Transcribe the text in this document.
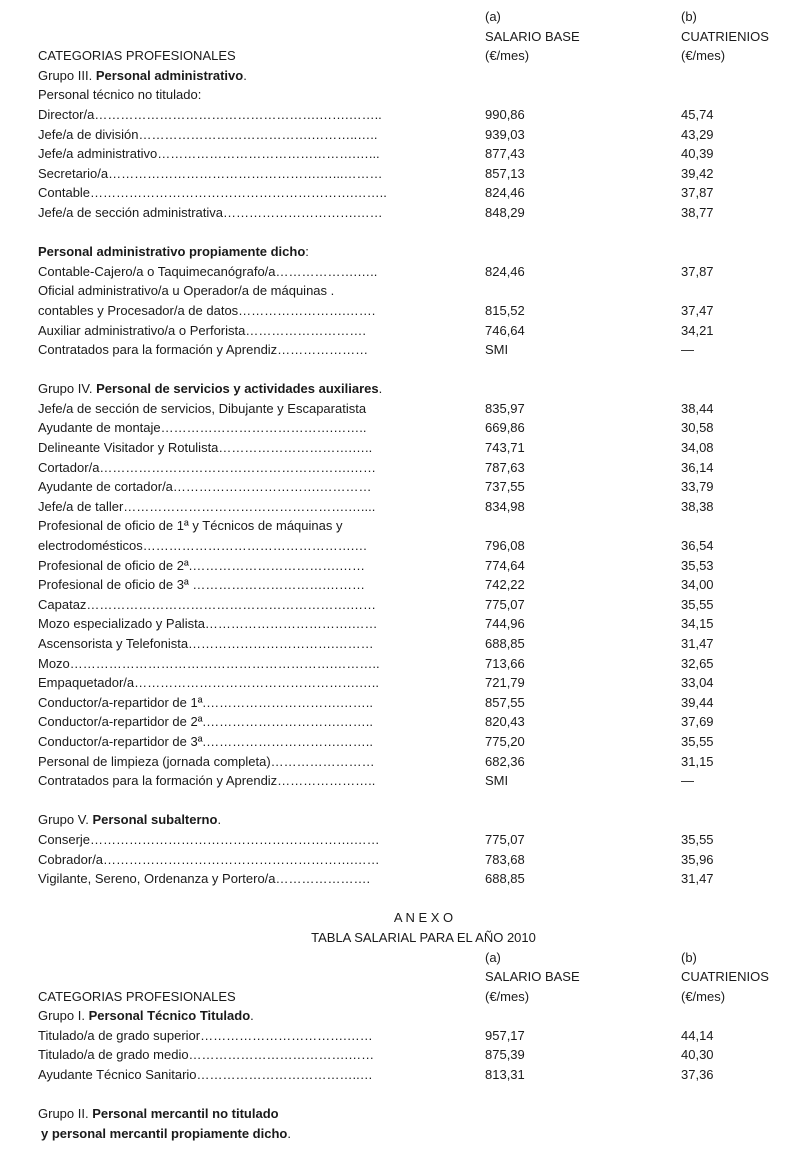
(a)	(b)
SALARIO BASE	CUATRIENIOS
CATEGORIAS PROFESIONALES	(€/mes)	(€/mes)
Grupo III. Personal administrativo.
Personal técnico no titulado:
Director/a…………………………………………….…….……..	990,86	45,74
Jefe/a de división………………………………….………..…..	939,03	43,29
Jefe/a administrativo……………………………………….…...	877,43	40,39
Secretario/a………………………………………….…...………	857,13	39,42
Contable…………………………………………………….……..	824,46	37,87
Jefe/a de sección administrativa………………………….……	848,29	38,77
Personal administrativo propiamente dicho:
Contable-Cajero/a o Taquimecanógrafo/a……………….…..	824,46	37,87
Oficial administrativo/a u Operador/a de máquinas .
contables y Procesador/a de datos…………………….…….	815,52	37,47
Auxiliar administrativo/a o Perforista……………………….	746,64	34,21
Contratados para la formación y Aprendiz…………………	SMI	—
Grupo IV. Personal de servicios y actividades auxiliares.
Jefe/a de sección de servicios, Dibujante y Escaparatista	835,97	38,44
Ayudante de montaje………………………………….……..	669,86	30,58
Delineante Visitador y Rotulista………………………….…..	743,71	34,08
Cortador/a………………………………………………….……	787,63	36,14
Ayudante de cortador/a…………………………….…………	737,55	33,79
Jefe/a de taller…………………………………………….…....	834,98	38,38
Profesional de oficio de 1ª y Técnicos de máquinas y
electrodomésticos………………………………………….…	796,08	36,54
Profesional de oficio de 2ª.…………………………….……	774,64	35,53
Profesional de oficio de 3ª ………………………….………	742,22	34,00
Capataz…………………………………………………….……	775,07	35,55
Mozo especializado y Palista…………………………….……	744,96	34,15
Ascensorista y Telefonista…………………………….………	688,85	31,47
Mozo…………………………………………………….………..	713,66	32,65
Empaquetador/a…………………………………………….…..	721,79	33,04
Conductor/a-repartidor de 1ª.………………………….……..	857,55	39,44
Conductor/a-repartidor de 2ª.………………………….……..	820,43	37,69
Conductor/a-repartidor de 3ª.………………………….……..	775,20	35,55
Personal de limpieza (jornada completa)……………………	682,36	31,15
Contratados para la formación y Aprendiz…………………..	SMI	—
Grupo V. Personal subalterno.
Conserje…………………………………………………….……	775,07	35,55
Cobrador/a………………………………………………….……	783,68	35,96
Vigilante, Sereno, Ordenanza y Portero/a………………….	688,85	31,47
A N E X O
TABLA SALARIAL PARA EL AÑO 2010
(a)	(b)
SALARIO BASE	CUATRIENIOS
CATEGORIAS PROFESIONALES	(€/mes)	(€/mes)
Grupo I. Personal Técnico Titulado.
Titulado/a de grado superior…………………………….……	957,17	44,14
Titulado/a de grado medio……………………………….……	875,39	40,30
Ayudante Técnico Sanitario………………………………..…	813,31	37,36
Grupo II. Personal mercantil no titulado
y personal mercantil propiamente dicho.
